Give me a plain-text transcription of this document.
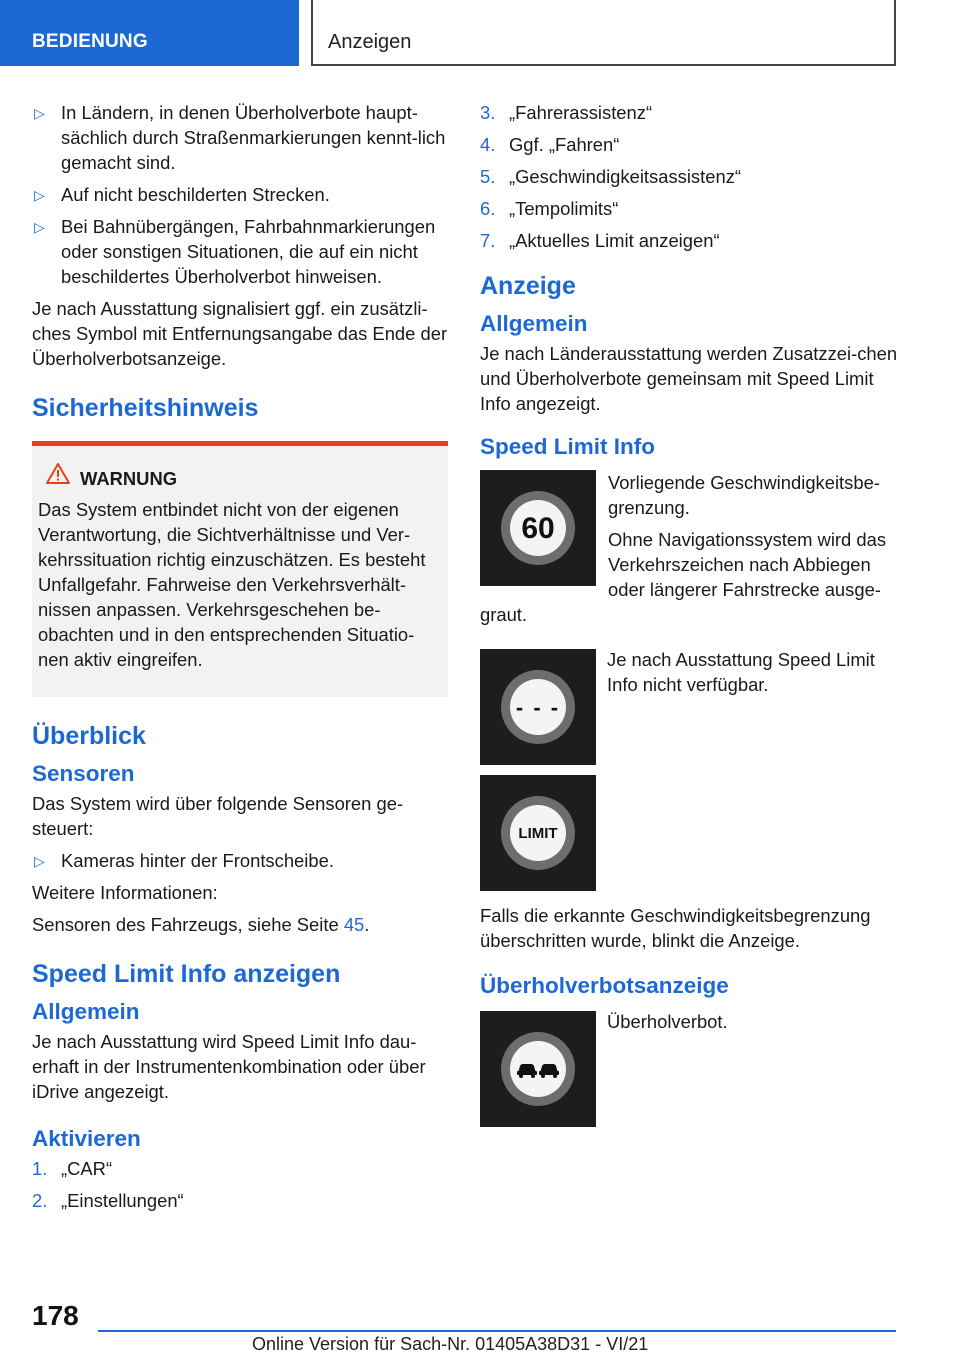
BEDIENUNG	Anzeigen
▷ In Ländern, in denen Überholverbote haupt-sächlich durch Straßenmarkierungen kennt-lich gemacht sind.
▷ Auf nicht beschilderten Strecken.
▷ Bei Bahnübergängen, Fahrbahnmarkierungen oder sonstigen Situationen, die auf ein nicht beschildertes Überholverbot hinweisen.

Je nach Ausstattung signalisiert ggf. ein zusätzli-ches Symbol mit Entfernungsangabe das Ende der Überholverbotsanzeige.

Sicherheitshinweis
WARNUNG
Das System entbindet nicht von der eigenen Verantwortung, die Sichtverhältnisse und Ver-kehrssituation richtig einzuschätzen. Es besteht Unfallgefahr. Fahrweise den Verkehrsverhält-nissen anpassen. Verkehrsgeschehen be-obachten und in den entsprechenden Situatio-nen aktiv eingreifen.
Überblick
Sensoren

Das System wird über folgende Sensoren ge-steuert:

▷ Kameras hinter der Frontscheibe.

Weitere Informationen:

Sensoren des Fahrzeugs, siehe Seite 45.

Speed Limit Info anzeigen
Allgemein

Je nach Ausstattung wird Speed Limit Info dau-erhaft in der Instrumentenkombination oder über iDrive angezeigt.

Aktivieren
1. „CAR“
2. „Einstellungen“
3. „Fahrerassistenz“
4. Ggf. „Fahren“
5. „Geschwindigkeitsassistenz“
6. „Tempolimits“
7. „Aktuelles Limit anzeigen“
Anzeige
Allgemein

Je nach Länderausstattung werden Zusatzzei-chen und Überholverbote gemeinsam mit Speed Limit Info angezeigt.

Speed Limit Info
60

Vorliegende Geschwindigkeitsbe-grenzung.

Ohne Navigationssystem wird das Verkehrszeichen nach Abbiegen oder längerer Fahrstrecke ausge-

graut.

- - -

Je nach Ausstattung Speed Limit Info nicht verfügbar.

LIMIT

Falls die erkannte Geschwindigkeitsbegrenzung überschritten wurde, blinkt die Anzeige.

Überholverbotsanzeige

Überholverbot.

178
Online Version für Sach-Nr. 01405A38D31 - VI/21
